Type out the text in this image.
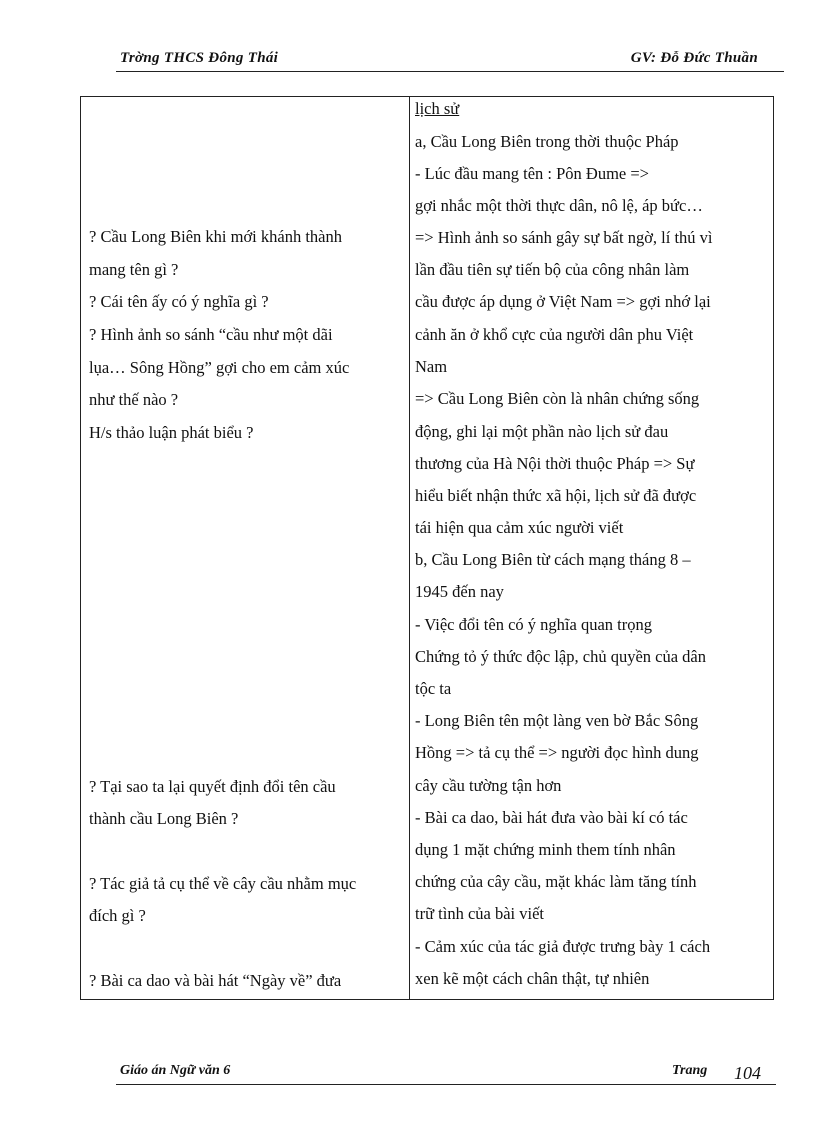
Trờng THCS Đông Thái	GV: Đỗ Đức Thuần
? Cầu Long Biên khi mới khánh thành
mang tên gì ?
? Cái tên ấy có ý nghĩa gì ?
? Hình ảnh so sánh “cầu như một dãi
lụa… Sông Hồng” gợi cho em cảm xúc
như thế nào ?
H/s thảo luận phát biểu ?
? Tại sao ta lại quyết định đổi tên cầu
thành cầu Long Biên ?
? Tác giả tả cụ thể về cây cầu nhằm mục
đích gì ?
? Bài ca dao và bài hát “Ngày về” đưa
lịch sử
a, Cầu Long Biên trong thời thuộc Pháp
- Lúc đầu mang tên : Pôn Đume =>
gợi nhắc một thời thực dân, nô lệ, áp bức…
=> Hình ảnh so sánh gây sự bất ngờ, lí thú vì
lần đầu tiên sự tiến bộ của công nhân làm
cầu được áp dụng ở Việt Nam => gợi nhớ lại
cảnh ăn ở khổ cực của người dân phu Việt
Nam
=> Cầu Long Biên còn là nhân chứng sống
động, ghi lại một phần nào lịch sử đau
thương của Hà Nội thời thuộc Pháp => Sự
hiểu biết nhận thức xã hội, lịch sử đã được
tái hiện qua cảm xúc người viết
b, Cầu Long Biên từ cách mạng tháng 8 –
1945 đến nay
- Việc đổi tên có ý nghĩa quan trọng
Chứng tỏ ý thức độc lập, chủ quyền của dân
tộc ta
- Long Biên tên một làng ven bờ Bắc Sông
Hồng => tả cụ thể => người đọc hình dung
cây cầu tường tận hơn
- Bài ca dao, bài hát đưa vào bài kí có tác
dụng 1 mặt chứng minh them tính nhân
chứng của cây cầu, mặt khác làm tăng tính
trữ tình của bài viết
- Cảm xúc của tác giả được trưng bày 1 cách
xen kẽ một cách chân thật, tự nhiên
Giáo án Ngữ văn 6	Trang 104
